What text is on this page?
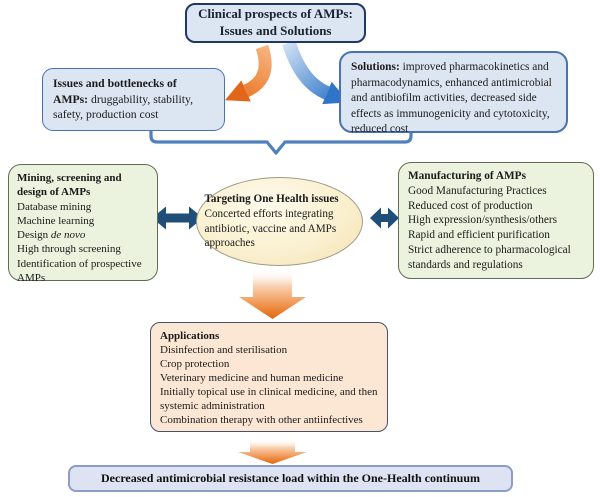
Clinical prospects of AMPs:
Issues and Solutions
Issues and bottlenecks of AMPs: druggability, stability, safety, production cost
Solutions: improved pharmacokinetics and pharmacodynamics, enhanced antimicrobial and antibiofilm activities, decreased side effects as immunogenicity and cytotoxicity, reduced cost
Mining, screening and design of AMPs
Database mining
Machine learning
Design de novo
High through screening
Identification of prospective AMPs
Targeting One Health issues
Concerted efforts integrating antibiotic, vaccine and AMPs approaches
Manufacturing of AMPs
Good Manufacturing Practices
Reduced cost of production
High expression/synthesis/others
Rapid and efficient purification
Strict adherence to pharmacological standards and regulations
Applications
Disinfection and sterilisation
Crop protection
Veterinary medicine and human medicine
Initially topical use in clinical medicine, and then systemic administration
Combination therapy with other antiinfectives
Decreased antimicrobial resistance load within the One-Health continuum
